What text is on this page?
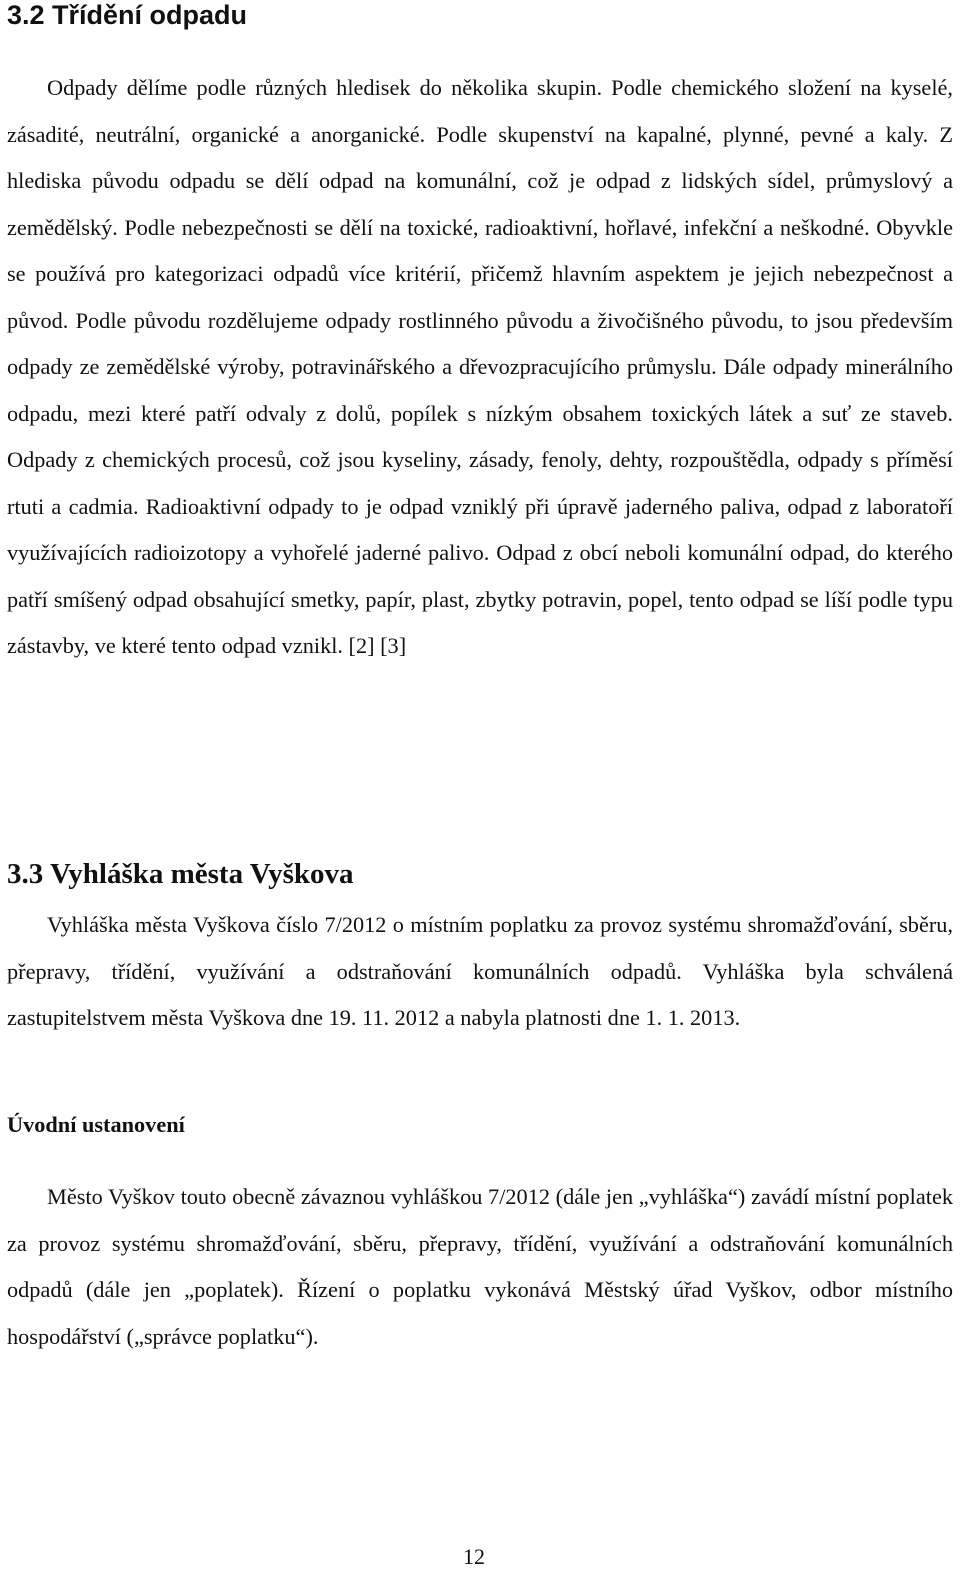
3.2 Třídění odpadu

Odpady dělíme podle různých hledisek do několika skupin. Podle chemického složení na kyselé, zásadité, neutrální, organické a anorganické. Podle skupenství na kapalné, plynné, pevné a kaly. Z hlediska původu odpadu se dělí odpad na komunální, což je odpad z lidských sídel, průmyslový a zemědělský. Podle nebezpečnosti se dělí na toxické, radioaktivní, hořlavé, infekční a neškodné. Obyvkle se používá pro kategorizaci odpadů více kritérií, přičemž hlavním aspektem je jejich nebezpečnost a původ. Podle původu rozdělujeme odpady rostlinného původu a živočišného původu, to jsou především odpady ze zemědělské výroby, potravinářského a dřevozpracujícího průmyslu. Dále odpady minerálního odpadu, mezi které patří odvaly z dolů, popílek s nízkým obsahem toxických látek a suť ze staveb. Odpady z chemických procesů, což jsou kyseliny, zásady, fenoly, dehty, rozpouštědla, odpady s příměsí rtuti a cadmia. Radioaktivní odpady to je odpad vzniklý při úpravě jaderného paliva, odpad z laboratoří využívajících radioizotopy a vyhořelé jaderné palivo. Odpad z obcí neboli komunální odpad, do kterého patří smíšený odpad obsahující smetky, papír, plast, zbytky potravin, popel, tento odpad se líší podle typu zástavby, ve které tento odpad vznikl. [2] [3]

3.3 Vyhláška města Vyškova

Vyhláška města Vyškova číslo 7/2012 o místním poplatku za provoz systému shromažďování, sběru, přepravy, třídění, využívání a odstraňování komunálních odpadů. Vyhláška byla schválená zastupitelstvem města Vyškova dne 19. 11. 2012 a nabyla platnosti dne 1. 1. 2013.

Úvodní ustanovení

Město Vyškov touto obecně závaznou vyhláškou 7/2012 (dále jen „vyhláška“) zavádí místní poplatek za provoz systému shromažďování, sběru, přepravy, třídění, využívání a odstraňování komunálních odpadů (dále jen „poplatek). Řízení o poplatku vykonává Městský úřad Vyškov, odbor místního hospodářství („správce poplatku“).

12
